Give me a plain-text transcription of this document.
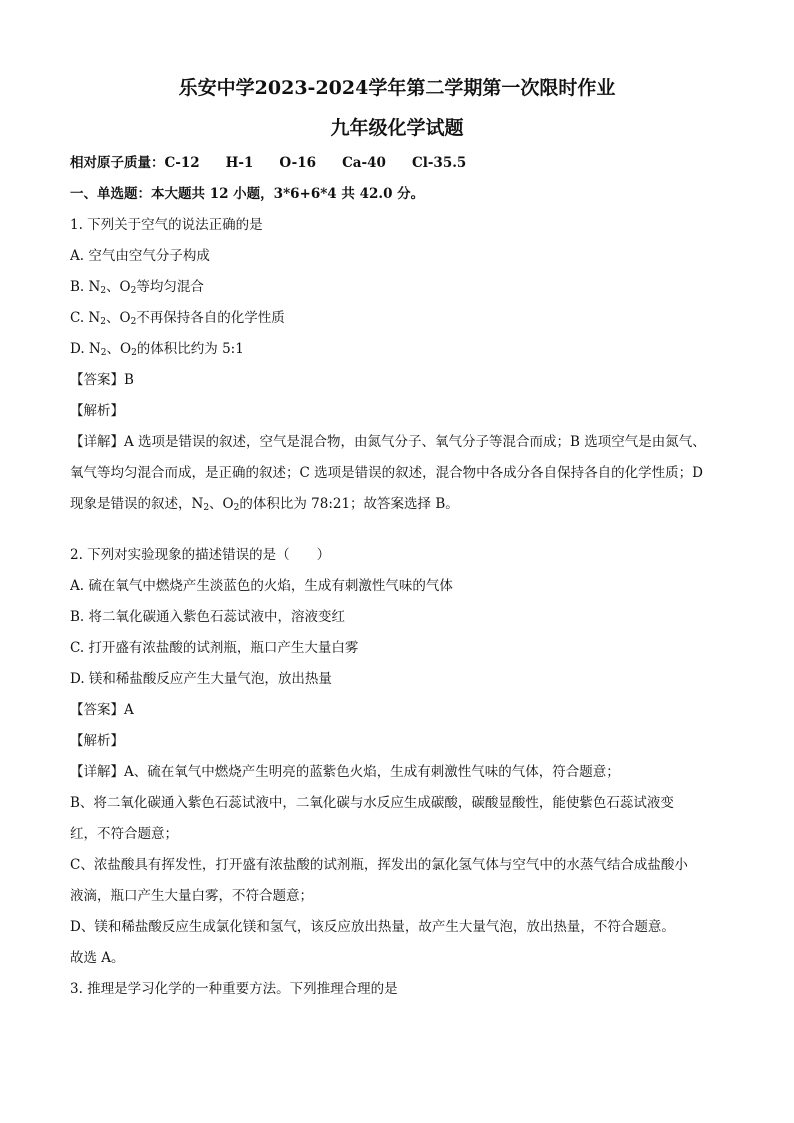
乐安中学2023-2024学年第二学期第一次限时作业
九年级化学试题
相对原子质量：C-12 H-1 O-16 Ca-40 Cl-35.5
一、单选题：本大题共 12 小题，3*6+6*4 共 42.0 分。
1. 下列关于空气的说法正确的是
A. 空气由空气分子构成
B. $N_2$、$O_2$等均匀混合
C. $N_2$、$O_2$不再保持各自的化学性质
D. $N_2$、$O_2$的体积比约为 5:1
【答案】B
【解析】
【详解】A 选项是错误的叙述，空气是混合物，由氮气分子、氧气分子等混合而成；B 选项空气是由氮气、
氧气等均匀混合而成，是正确的叙述；C 选项是错误的叙述，混合物中各成分各自保持各自的化学性质；D
现象是错误的叙述，$N_2$、$O_2$的体积比为 78:21；故答案选择 B。
2. 下列对实验现象的描述错误的是（　　）
A. 硫在氧气中燃烧产生淡蓝色的火焰，生成有刺激性气味的气体
B. 将二氧化碳通入紫色石蕊试液中，溶液变红
C. 打开盛有浓盐酸的试剂瓶，瓶口产生大量白雾
D. 镁和稀盐酸反应产生大量气泡，放出热量
【答案】A
【解析】
【详解】A、硫在氧气中燃烧产生明亮的蓝紫色火焰，生成有刺激性气味的气体，符合题意；
B、将二氧化碳通入紫色石蕊试液中，二氧化碳与水反应生成碳酸，碳酸显酸性，能使紫色石蕊试液变
红，不符合题意；
C、浓盐酸具有挥发性，打开盛有浓盐酸的试剂瓶，挥发出的氯化氢气体与空气中的水蒸气结合成盐酸小
液滴，瓶口产生大量白雾，不符合题意；
D、镁和稀盐酸反应生成氯化镁和氢气，该反应放出热量，故产生大量气泡，放出热量，不符合题意。
故选 A。
3. 推理是学习化学的一种重要方法。下列推理合理的是
